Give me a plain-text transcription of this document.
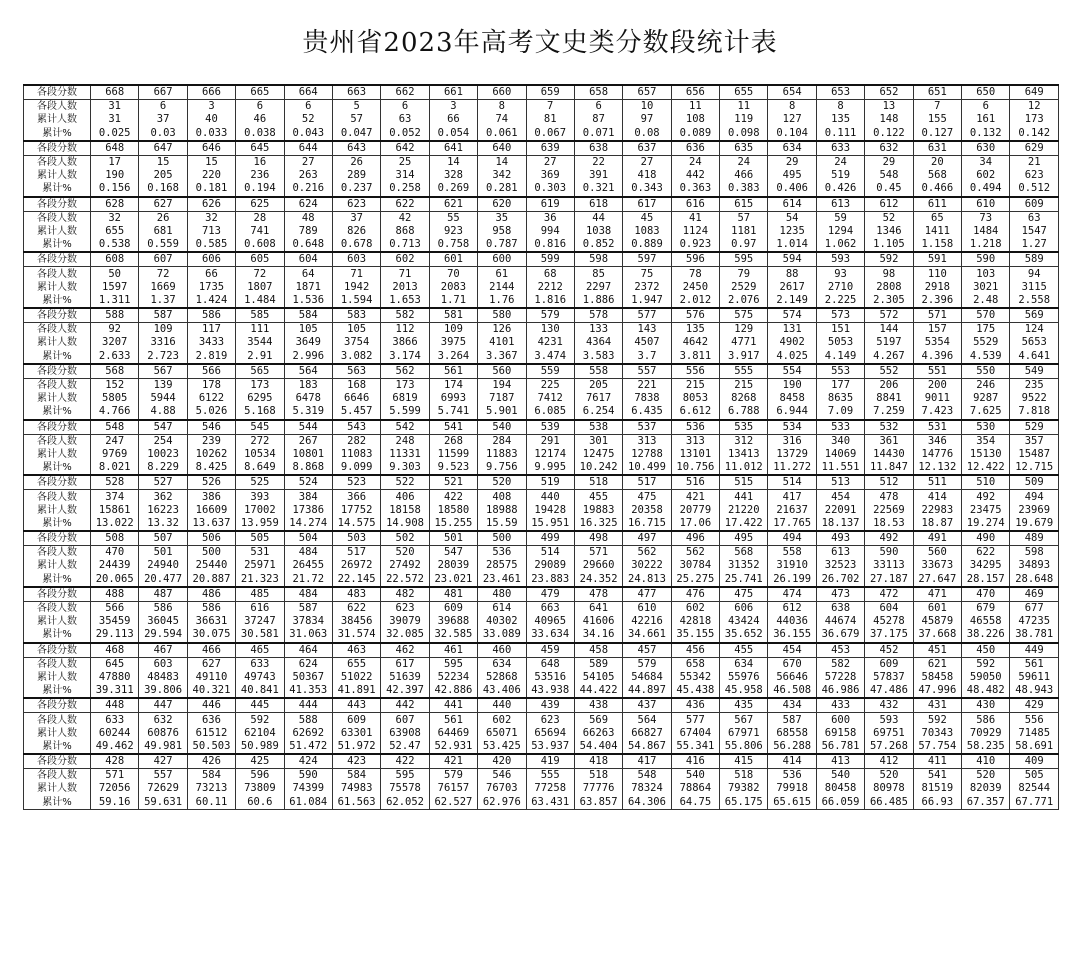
贵州省2023年高考文史类分数段统计表
各段分数	668	667	666	665	664	663	662	661	660	659	658	657	656	655	654	653	652	651	650	649
各段人数	31	6	3	6	6	5	6	3	8	7	6	10	11	11	8	8	13	7	6	12
累计人数	31	37	40	46	52	57	63	66	74	81	87	97	108	119	127	135	148	155	161	173
累计%	0.025	0.03	0.033	0.038	0.043	0.047	0.052	0.054	0.061	0.067	0.071	0.08	0.089	0.098	0.104	0.111	0.122	0.127	0.132	0.142
各段分数	648	647	646	645	644	643	642	641	640	639	638	637	636	635	634	633	632	631	630	629
各段人数	17	15	15	16	27	26	25	14	14	27	22	27	24	24	29	24	29	20	34	21
累计人数	190	205	220	236	263	289	314	328	342	369	391	418	442	466	495	519	548	568	602	623
累计%	0.156	0.168	0.181	0.194	0.216	0.237	0.258	0.269	0.281	0.303	0.321	0.343	0.363	0.383	0.406	0.426	0.45	0.466	0.494	0.512
各段分数	628	627	626	625	624	623	622	621	620	619	618	617	616	615	614	613	612	611	610	609
各段人数	32	26	32	28	48	37	42	55	35	36	44	45	41	57	54	59	52	65	73	63
累计人数	655	681	713	741	789	826	868	923	958	994	1038	1083	1124	1181	1235	1294	1346	1411	1484	1547
累计%	0.538	0.559	0.585	0.608	0.648	0.678	0.713	0.758	0.787	0.816	0.852	0.889	0.923	0.97	1.014	1.062	1.105	1.158	1.218	1.27
各段分数	608	607	606	605	604	603	602	601	600	599	598	597	596	595	594	593	592	591	590	589
各段人数	50	72	66	72	64	71	71	70	61	68	85	75	78	79	88	93	98	110	103	94
累计人数	1597	1669	1735	1807	1871	1942	2013	2083	2144	2212	2297	2372	2450	2529	2617	2710	2808	2918	3021	3115
累计%	1.311	1.37	1.424	1.484	1.536	1.594	1.653	1.71	1.76	1.816	1.886	1.947	2.012	2.076	2.149	2.225	2.305	2.396	2.48	2.558
各段分数	588	587	586	585	584	583	582	581	580	579	578	577	576	575	574	573	572	571	570	569
各段人数	92	109	117	111	105	105	112	109	126	130	133	143	135	129	131	151	144	157	175	124
累计人数	3207	3316	3433	3544	3649	3754	3866	3975	4101	4231	4364	4507	4642	4771	4902	5053	5197	5354	5529	5653
累计%	2.633	2.723	2.819	2.91	2.996	3.082	3.174	3.264	3.367	3.474	3.583	3.7	3.811	3.917	4.025	4.149	4.267	4.396	4.539	4.641
各段分数	568	567	566	565	564	563	562	561	560	559	558	557	556	555	554	553	552	551	550	549
各段人数	152	139	178	173	183	168	173	174	194	225	205	221	215	215	190	177	206	200	246	235
累计人数	5805	5944	6122	6295	6478	6646	6819	6993	7187	7412	7617	7838	8053	8268	8458	8635	8841	9011	9287	9522
累计%	4.766	4.88	5.026	5.168	5.319	5.457	5.599	5.741	5.901	6.085	6.254	6.435	6.612	6.788	6.944	7.09	7.259	7.423	7.625	7.818
各段分数	548	547	546	545	544	543	542	541	540	539	538	537	536	535	534	533	532	531	530	529
各段人数	247	254	239	272	267	282	248	268	284	291	301	313	313	312	316	340	361	346	354	357
累计人数	9769	10023	10262	10534	10801	11083	11331	11599	11883	12174	12475	12788	13101	13413	13729	14069	14430	14776	15130	15487
累计%	8.021	8.229	8.425	8.649	8.868	9.099	9.303	9.523	9.756	9.995	10.242	10.499	10.756	11.012	11.272	11.551	11.847	12.132	12.422	12.715
各段分数	528	527	526	525	524	523	522	521	520	519	518	517	516	515	514	513	512	511	510	509
各段人数	374	362	386	393	384	366	406	422	408	440	455	475	421	441	417	454	478	414	492	494
累计人数	15861	16223	16609	17002	17386	17752	18158	18580	18988	19428	19883	20358	20779	21220	21637	22091	22569	22983	23475	23969
累计%	13.022	13.32	13.637	13.959	14.274	14.575	14.908	15.255	15.59	15.951	16.325	16.715	17.06	17.422	17.765	18.137	18.53	18.87	19.274	19.679
各段分数	508	507	506	505	504	503	502	501	500	499	498	497	496	495	494	493	492	491	490	489
各段人数	470	501	500	531	484	517	520	547	536	514	571	562	562	568	558	613	590	560	622	598
累计人数	24439	24940	25440	25971	26455	26972	27492	28039	28575	29089	29660	30222	30784	31352	31910	32523	33113	33673	34295	34893
累计%	20.065	20.477	20.887	21.323	21.72	22.145	22.572	23.021	23.461	23.883	24.352	24.813	25.275	25.741	26.199	26.702	27.187	27.647	28.157	28.648
各段分数	488	487	486	485	484	483	482	481	480	479	478	477	476	475	474	473	472	471	470	469
各段人数	566	586	586	616	587	622	623	609	614	663	641	610	602	606	612	638	604	601	679	677
累计人数	35459	36045	36631	37247	37834	38456	39079	39688	40302	40965	41606	42216	42818	43424	44036	44674	45278	45879	46558	47235
累计%	29.113	29.594	30.075	30.581	31.063	31.574	32.085	32.585	33.089	33.634	34.16	34.661	35.155	35.652	36.155	36.679	37.175	37.668	38.226	38.781
各段分数	468	467	466	465	464	463	462	461	460	459	458	457	456	455	454	453	452	451	450	449
各段人数	645	603	627	633	624	655	617	595	634	648	589	579	658	634	670	582	609	621	592	561
累计人数	47880	48483	49110	49743	50367	51022	51639	52234	52868	53516	54105	54684	55342	55976	56646	57228	57837	58458	59050	59611
累计%	39.311	39.806	40.321	40.841	41.353	41.891	42.397	42.886	43.406	43.938	44.422	44.897	45.438	45.958	46.508	46.986	47.486	47.996	48.482	48.943
各段分数	448	447	446	445	444	443	442	441	440	439	438	437	436	435	434	433	432	431	430	429
各段人数	633	632	636	592	588	609	607	561	602	623	569	564	577	567	587	600	593	592	586	556
累计人数	60244	60876	61512	62104	62692	63301	63908	64469	65071	65694	66263	66827	67404	67971	68558	69158	69751	70343	70929	71485
累计%	49.462	49.981	50.503	50.989	51.472	51.972	52.47	52.931	53.425	53.937	54.404	54.867	55.341	55.806	56.288	56.781	57.268	57.754	58.235	58.691
各段分数	428	427	426	425	424	423	422	421	420	419	418	417	416	415	414	413	412	411	410	409
各段人数	571	557	584	596	590	584	595	579	546	555	518	548	540	518	536	540	520	541	520	505
累计人数	72056	72629	73213	73809	74399	74983	75578	76157	76703	77258	77776	78324	78864	79382	79918	80458	80978	81519	82039	82544
累计%	59.16	59.631	60.11	60.6	61.084	61.563	62.052	62.527	62.976	63.431	63.857	64.306	64.75	65.175	65.615	66.059	66.485	66.93	67.357	67.771
